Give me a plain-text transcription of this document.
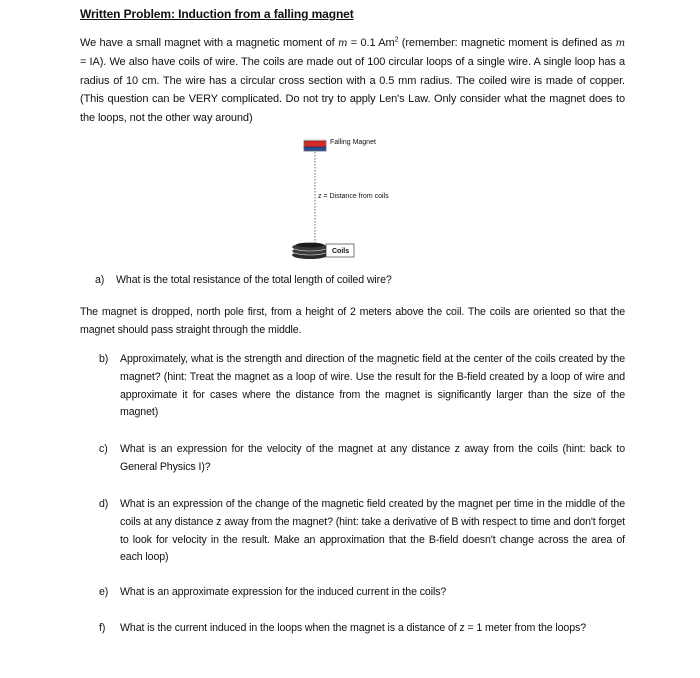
Written Problem: Induction from a falling magnet
We have a small magnet with a magnetic moment of m = 0.1 Am$^2$ (remember: magnetic moment is defined as m = IA). We also have coils of wire. The coils are made out of 100 circular loops of a single wire. A single loop has a radius of 10 cm. The wire has a circular cross section with a 0.5 mm radius. The coiled wire is made of copper. (This question can be VERY complicated. Do not try to apply Len's Law. Only consider what the magnet does to the loops, not the other way around)
Falling Magnet
z = Distance from coils
Coils
a) What is the total resistance of the total length of coiled wire?
The magnet is dropped, north pole first, from a height of 2 meters above the coil. The coils are oriented so that the magnet should pass straight through the middle.
b) Approximately, what is the strength and direction of the magnetic field at the center of the coils created by the magnet? (hint: Treat the magnet as a loop of wire. Use the result for the B-field created by a loop of wire and approximate it for cases where the distance from the magnet is significantly larger than the size of the magnet)
c) What is an expression for the velocity of the magnet at any distance z away from the coils (hint: back to General Physics I)?
d) What is an expression of the change of the magnetic field created by the magnet per time in the middle of the coils at any distance z away from the magnet? (hint: take a derivative of B with respect to time and don't forget to look for velocity in the result. Make an approximation that the B-field doesn't change across the area of each loop)
e) What is an approximate expression for the induced current in the coils?
f) What is the current induced in the loops when the magnet is a distance of z = 1 meter from the loops?
